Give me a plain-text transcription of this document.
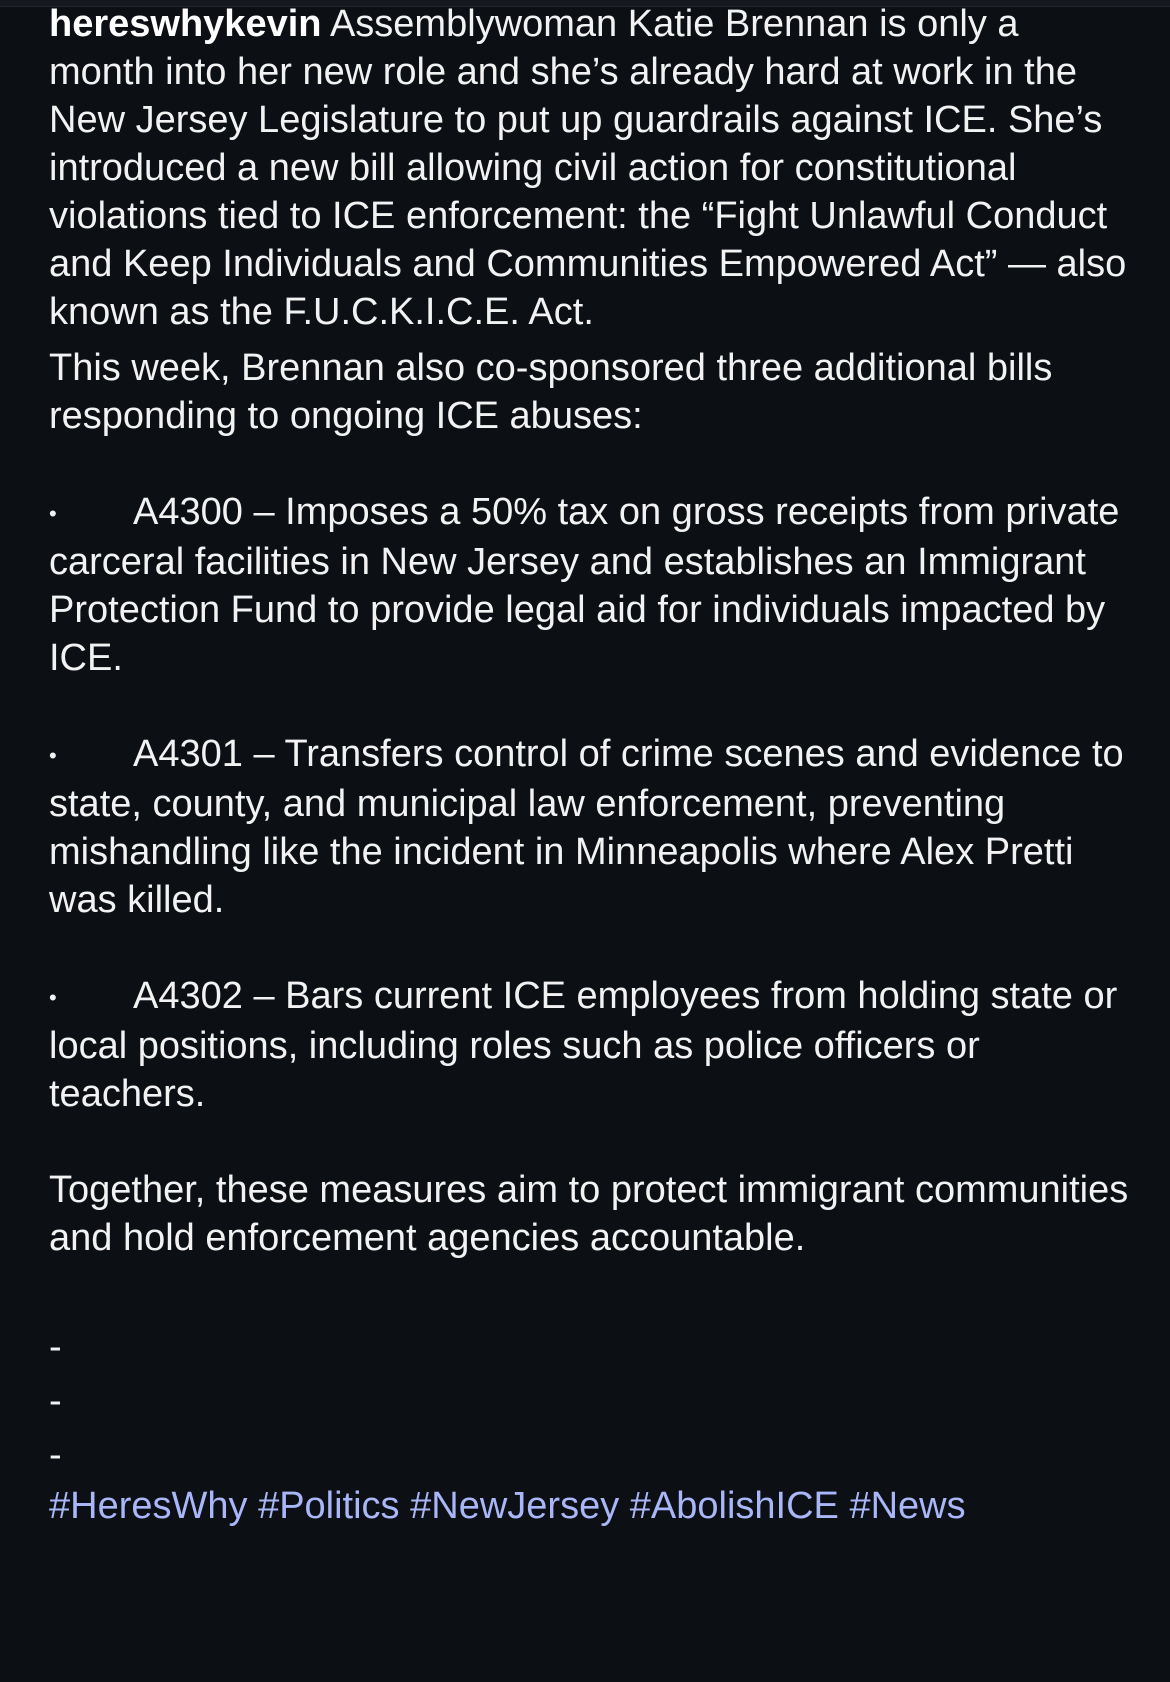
hereswhykevin Assemblywoman Katie Brennan is only a month into her new role and she’s already hard at work in the New Jersey Legislature to put up guardrails against ICE. She’s introduced a new bill allowing civil action for constitutional violations tied to ICE enforcement: the “Fight Unlawful Conduct and Keep Individuals and Communities Empowered Act” — also known as the F.U.C.K.I.C.E. Act.

This week, Brennan also co-sponsored three additional bills responding to ongoing ICE abuses:

• A4300 – Imposes a 50% tax on gross receipts from private carceral facilities in New Jersey and establishes an Immigrant Protection Fund to provide legal aid for individuals impacted by ICE.

• A4301 – Transfers control of crime scenes and evidence to state, county, and municipal law enforcement, preventing mishandling like the incident in Minneapolis where Alex Pretti was killed.

• A4302 – Bars current ICE employees from holding state or local positions, including roles such as police officers or teachers.

Together, these measures aim to protect immigrant communities and hold enforcement agencies accountable.

-

-

-

#HeresWhy #Politics #NewJersey #AbolishICE #News
